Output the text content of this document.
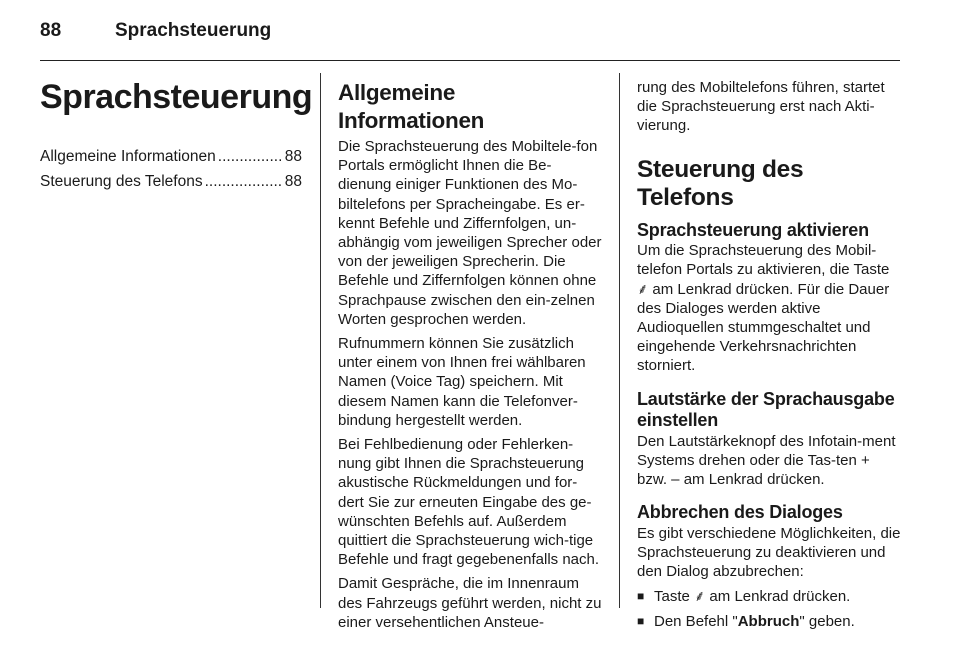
88	Sprachsteuerung
Sprachsteuerung
Allgemeine Informationen .....	88
Steuerung des Telefons .....	88
Allgemeine Informationen

Die Sprachsteuerung des Mobiltele-fon Portals ermöglicht Ihnen die Be-dienung einiger Funktionen des Mo-biltelefons per Spracheingabe. Es er-kennt Befehle und Ziffernfolgen, un-abhängig vom jeweiligen Sprecher oder von der jeweiligen Sprecherin. Die Befehle und Ziffernfolgen können ohne Sprachpause zwischen den ein-zelnen Worten gesprochen werden.

Rufnummern können Sie zusätzlich unter einem von Ihnen frei wählbaren Namen (Voice Tag) speichern. Mit diesem Namen kann die Telefonver-bindung hergestellt werden.

Bei Fehlbedienung oder Fehlerken-nung gibt Ihnen die Sprachsteuerung akustische Rückmeldungen und for-dert Sie zur erneuten Eingabe des ge-wünschten Befehls auf. Außerdem quittiert die Sprachsteuerung wich-tige Befehle und fragt gegebenenfalls nach.

Damit Gespräche, die im Innenraum des Fahrzeugs geführt werden, nicht zu einer versehentlichen Ansteue-

rung des Mobiltelefons führen, startet die Sprachsteuerung erst nach Akti-vierung.

Steuerung des Telefons
Sprachsteuerung aktivieren

Um die Sprachsteuerung des Mobil-telefon Portals zu aktivieren, die Taste ⸙ am Lenkrad drücken. Für die Dauer des Dialoges werden aktive Audioquellen stummgeschaltet und eingehende Verkehrsnachrichten storniert.

Lautstärke der Sprachausgabe einstellen

Den Lautstärkeknopf des Infotain-ment Systems drehen oder die Tas-ten + bzw. – am Lenkrad drücken.

Abbrechen des Dialoges

Es gibt verschiedene Möglichkeiten, die Sprachsteuerung zu deaktivieren und den Dialog abzubrechen:

■ Taste ⸙ am Lenkrad drücken.
■ Den Befehl "Abbruch" geben.
